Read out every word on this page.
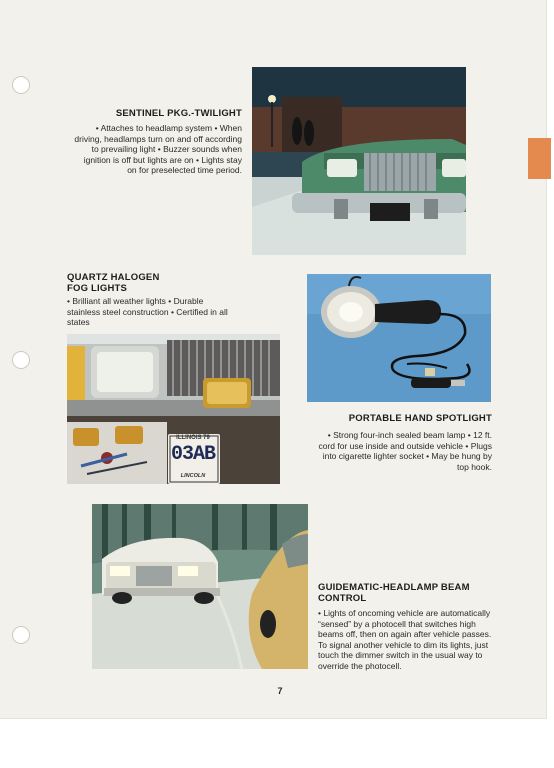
SENTINEL PKG.-TWILIGHT
• Attaches to headlamp system • When driving, headlamps turn on and off according to prevailing light • Buzzer sounds when ignition is off but lights are on • Lights stay on for preselected time period.
QUARTZ HALOGEN
FOG LIGHTS
• Brilliant all weather lights • Durable stainless steel construction • Certified in all states
ILLINOIS 79
03AB
LINCOLN
PORTABLE HAND SPOTLIGHT
• Strong four-inch sealed beam lamp • 12 ft. cord for use inside and outside vehicle • Plugs into cigarette lighter socket • May be hung by top hook.
GUIDEMATIC-HEADLAMP BEAM
CONTROL
• Lights of oncoming vehicle are automatically “sensed” by a photocell that switches high beams off, then on again after vehicle passes. To signal another vehicle to dim its lights, just touch the dimmer switch in the usual way to override the photocell.
7
